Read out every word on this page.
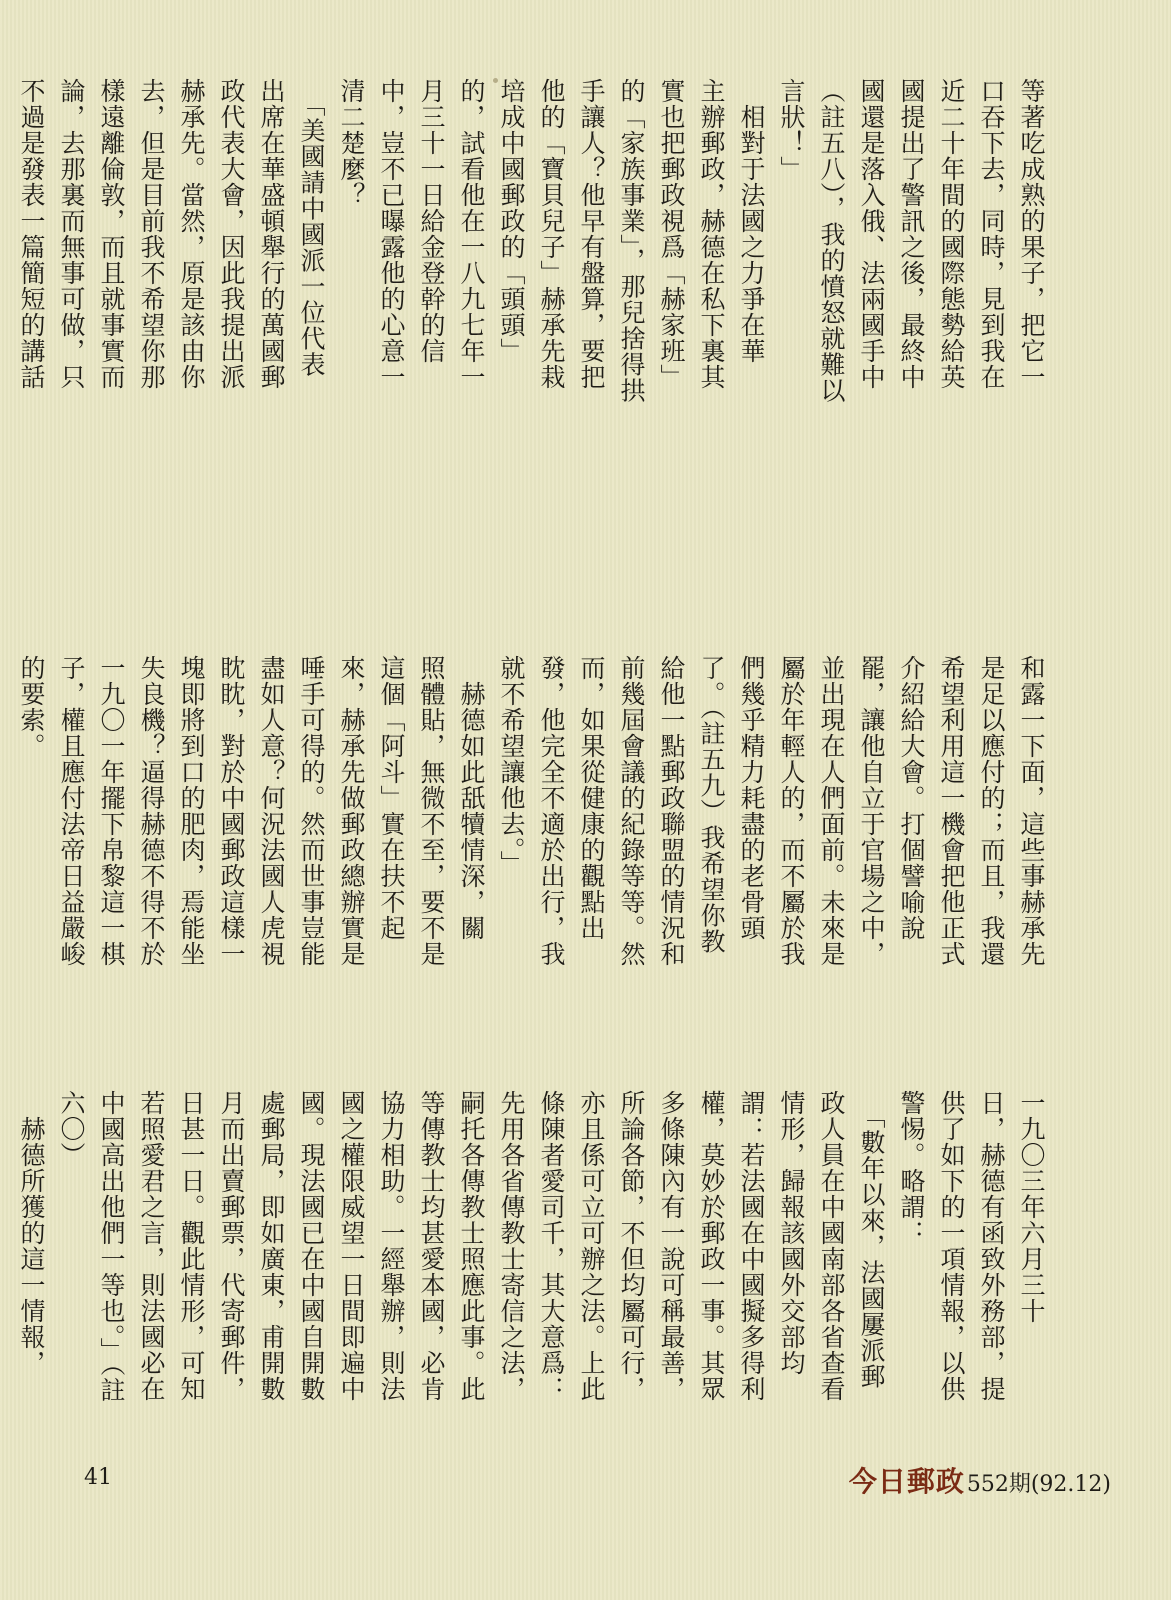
41	今日郵政 552期(92.12)
等著吃成熟的果子，把它一
口吞下去，同時，見到我在
近二十年間的國際態勢給英
國提出了警訊之後，最終中
國還是落入俄、法兩國手中
（註五八），我的憤怒就難以
言狀！」
　相對于法國之力爭在華
主辦郵政，赫德在私下裏其
實也把郵政視爲「赫家班」
的「家族事業」，那兒捨得拱
手讓人？他早有盤算，要把
他的「寶貝兒子」赫承先栽
培成中國郵政的「頭頭」
的，試看他在一八九七年一
月三十一日給金登幹的信
中，豈不已曝露他的心意一
清二楚麼？
　「美國請中國派一位代表
出席在華盛頓舉行的萬國郵
政代表大會，因此我提出派
赫承先。當然，原是該由你
去，但是目前我不希望你那
樣遠離倫敦，而且就事實而
論，去那裏而無事可做，只
不過是發表一篇簡短的講話
和露一下面，這些事赫承先
是足以應付的；而且，我還
希望利用這一機會把他正式
介紹給大會。打個譬喻說
罷，讓他自立于官場之中，
並出現在人們面前。未來是
屬於年輕人的，而不屬於我
們幾乎精力耗盡的老骨頭
了。（註五九）我希望你教
給他一點郵政聯盟的情況和
前幾屆會議的紀錄等等。然
而，如果從健康的觀點出
發，他完全不適於出行，我
就不希望讓他去。」
　赫德如此舐犢情深，關
照體貼，無微不至，要不是
這個「阿斗」實在扶不起
來，赫承先做郵政總辦實是
唾手可得的。然而世事豈能
盡如人意？何況法國人虎視
眈眈，對於中國郵政這樣一
塊即將到口的肥肉，焉能坐
失良機？逼得赫德不得不於
一九〇一年擺下帛黎這一棋
子，權且應付法帝日益嚴峻
的要索。
一九〇三年六月三十
日，赫德有函致外務部，提
供了如下的一項情報，以供
警惕。略謂：
　「數年以來，法國屢派郵
政人員在中國南部各省查看
情形，歸報該國外交部均
謂：若法國在中國擬多得利
權，莫妙於郵政一事。其眾
多條陳內有一說可稱最善，
所論各節，不但均屬可行，
亦且係可立可辦之法。上此
條陳者愛司千，其大意爲：
先用各省傳教士寄信之法，
嗣托各傳教士照應此事。此
等傳教士均甚愛本國，必肯
協力相助。一經舉辦，則法
國之權限威望一日間即遍中
國。現法國已在中國自開數
處郵局，即如廣東，甫開數
月而出賣郵票，代寄郵件，
日甚一日。觀此情形，可知
若照愛君之言，則法國必在
中國高出他們一等也。」（註
六〇）
　赫德所獲的這一情報，
